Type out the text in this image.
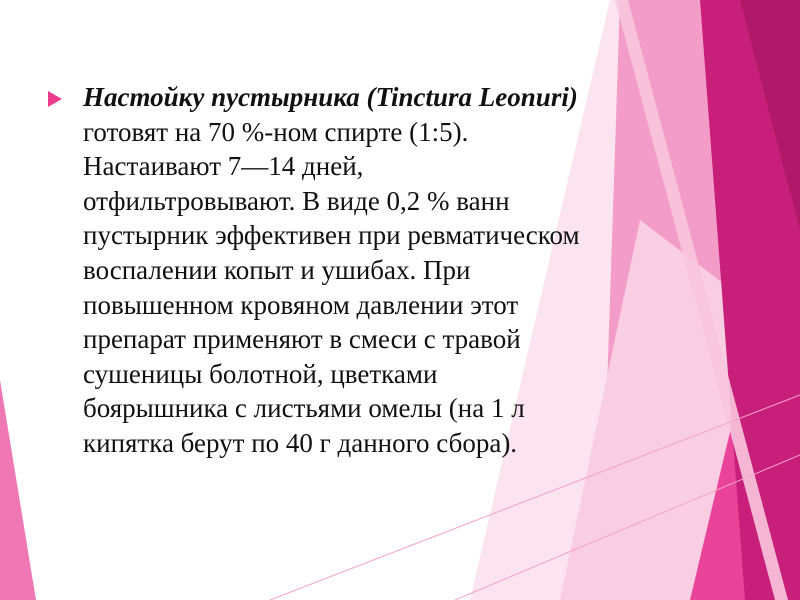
Настойку пустырника (Tinctura Leonuri)
готовят на 70 %-ном спирте (1:5).
Настаивают 7—14 дней,
отфильтровывают. В виде 0,2 % ванн
пустырник эффективен при ревматическом
воспалении копыт и ушибах. При
повышенном кровяном давлении этот
препарат применяют в смеси с травой
сушеницы болотной, цветками
боярышника с листьями омелы (на 1 л
кипятка берут по 40 г данного сбора).
